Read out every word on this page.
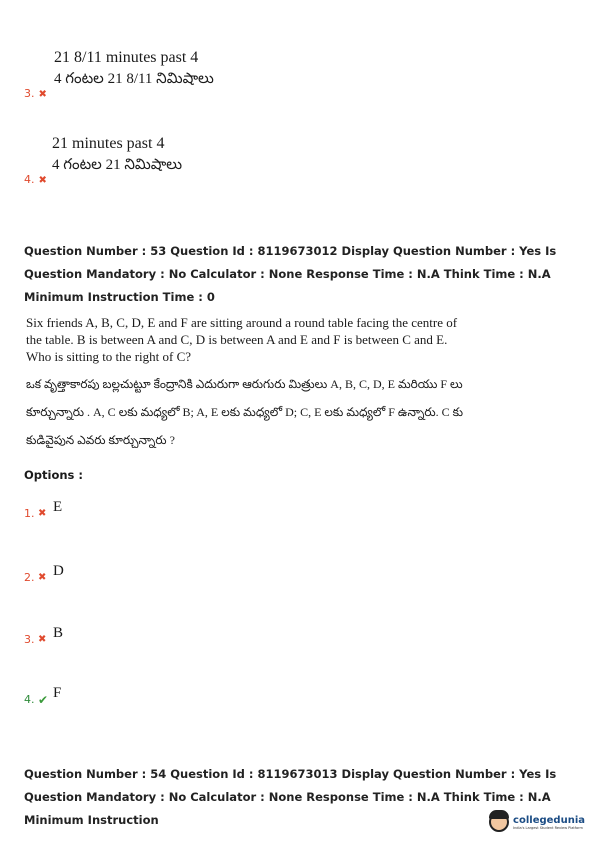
21 8/11 minutes past 4
3. ✖
4 గంటల 21 8/11 నిమిషాలు
21 minutes past 4
4. ✖
4 గంటల 21 నిమిషాలు
Question Number : 53 Question Id : 8119673012 Display Question Number : Yes Is Question Mandatory : No Calculator : None Response Time : N.A Think Time : N.A Minimum Instruction Time : 0
Six friends A, B, C, D, E and F are sitting around a round table facing the centre of the table. B is between A and C, D is between A and E and F is between C and E. Who is sitting to the right of C?
ఒక వృత్తాకారపు బల్లచుట్టూ కేంద్రానికి ఎదురుగా ఆరుగురు మిత్రులు A, B, C, D, E మరియు F లు కూర్చున్నారు . A, C లకు మధ్యలో B; A, E లకు మధ్యలో D; C, E లకు మధ్యలో F ఉన్నారు. C కు కుడివైపున ఎవరు కూర్చున్నారు ?
Options :
1. ✖ E
2. ✖ D
3. ✖ B
4. ✔ F
Question Number : 54 Question Id : 8119673013 Display Question Number : Yes Is Question Mandatory : No Calculator : None Response Time : N.A Think Time : N.A Minimum Instruction	collegedunia
India's Largest Student Review Platform
